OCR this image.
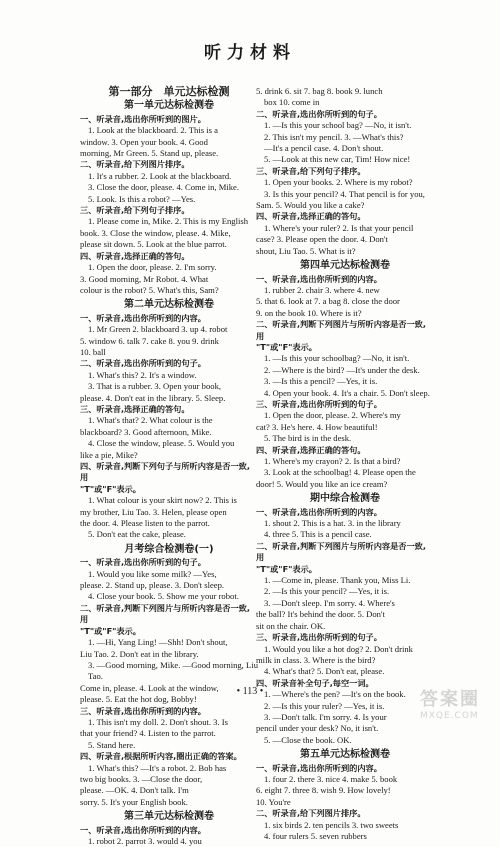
听力材料
第一部分　单元达标检测
第一单元达标检测卷
一、听录音,选出你所听到的图片。
1. Look at the blackboard. 2. This is a
window. 3. Open your book. 4. Good
morning, Mr Green. 5. Stand up, please.
二、听录音,给下列图片排序。
1. It's a rubber. 2. Look at the blackboard.
3. Close the door, please. 4. Come in, Mike.
5. Look. Is this a robot? —Yes.
三、听录音,给下列句子排序。
1. Please come in, Mike. 2. This is my English
book. 3. Close the window, please. 4. Mike,
please sit down. 5. Look at the blue parrot.
四、听录音,选择正确的答句。
1. Open the door, please. 2. I'm sorry.
3. Good morning, Mr Robot. 4. What
colour is the robot? 5. What's this, Sam?
第二单元达标检测卷
一、听录音,选出你所听到的内容。
1. Mr Green 2. blackboard 3. up 4. robot
5. window 6. talk 7. cake 8. you 9. drink
10. ball
二、听录音,选出你所听到的句子。
1. What's this? 2. It's a window.
3. That is a rubber. 3. Open your book,
please. 4. Don't eat in the library. 5. Sleep.
三、听录音,选择正确的答句。
1. What's that? 2. What colour is the
blackboard? 3. Good afternoon, Mike.
4. Close the window, please. 5. Would you
like a pie, Mike?
四、听录音,判断下列句子与所听内容是否一致,用
"T"或"F"表示。
1. What colour is your skirt now? 2. This is
my brother, Liu Tao. 3. Helen, please open
the door. 4. Please listen to the parrot.
5. Don't eat the cake, please.
月考综合检测卷(一)
一、听录音,选出你所听到的句子。
1. Would you like some milk? —Yes,
please. 2. Stand up, please. 3. Don't sleep.
4. Close your book. 5. Show me your robot.
二、听录音,判断下列图片与所听内容是否一致,用
"T"或"F"表示。
1. —Hi, Yang Ling! —Shh! Don't shout,
Liu Tao. 2. Don't eat in the library.
3. —Good morning, Mike. —Good morning, Liu Tao.
Come in, please. 4. Look at the window,
please. 5. Eat the hot dog, Bobby!
三、听录音,选出你所听到的内容。
1. This isn't my doll. 2. Don't shout. 3. Is
that your friend? 4. Listen to the parrot.
5. Stand here.
四、听录音,根据所听内容,圈出正确的答案。
1. What's this? —It's a robot. 2. Bob has
two big books. 3. —Close the door,
please. —OK. 4. Don't talk. I'm
sorry. 5. It's your English book.
第三单元达标检测卷
一、听录音,选出你所听到的内容。
1. robot 2. parrot 3. would 4. you
5. drink 6. sit 7. bag 8. book 9. lunch
box 10. come in
二、听录音,选出你所听到的句子。
1. —Is this your school bag? —No, it isn't.
2. This isn't my pencil. 3. —What's this?
—It's a pencil case. 4. Don't shout.
5. —Look at this new car, Tim! How nice!
三、听录音,给下列句子排序。
1. Open your books. 2. Where is my robot?
3. Is this your pencil? 4. That pencil is for you,
Sam. 5. Would you like a cake?
四、听录音,选择正确的答句。
1. Where's your ruler? 2. Is that your pencil
case? 3. Please open the door. 4. Don't
shout, Liu Tao. 5. What is it?
第四单元达标检测卷
一、听录音,选出你所听到的内容。
1. rubber 2. chair 3. where 4. new
5. that 6. look at 7. a bag 8. close the door
9. on the book 10. Where is it?
二、听录音,判断下列图片与所听内容是否一致,用
"T"或"F"表示。
1. —Is this your schoolbag? —No, it isn't.
2. —Where is the bird? —It's under the desk.
3. —Is this a pencil? —Yes, it is.
4. Open your book. 4. It's a chair. 5. Don't sleep.
三、听录音,选出你所听到的句子。
1. Open the door, please. 2. Where's my
cat? 3. He's here. 4. How beautiful!
5. The bird is in the desk.
四、听录音,选择正确的答句。
1. Where's my crayon? 2. Is that a bird?
3. Look at the schoolbag! 4. Please open the
door! 5. Would you like an ice cream?
期中综合检测卷
一、听录音,选出你所听到的内容。
1. shout 2. This is a hat. 3. in the library
4. three 5. This is a pencil case.
二、听录音,判断下列图片与所听内容是否一致,用
"T"或"F"表示。
1. —Come in, please. Thank you, Miss Li.
2. —Is this your pencil? —Yes, it is.
3. —Don't sleep. I'm sorry. 4. Where's
the ball? It's behind the door. 5. Don't
sit on the chair. OK.
三、听录音,选出你所听到的句子。
1. Would you like a hot dog? 2. Don't drink
milk in class. 3. Where is the bird?
4. What's that? 5. Don't eat, please.
四、听录音补全句子,每空一词。
1. —Where's the pen? —It's on the book.
2. —Is this your ruler? —Yes, it is.
3. —Don't talk. I'm sorry. 4. Is your
pencil under your desk? No, it isn't.
5. —Close the book. OK.
第五单元达标检测卷
一、听录音,选出你所听到的内容。
1. four 2. there 3. nice 4. make 5. book
6. eight 7. three 8. wish 9. How lovely!
10. You're
二、听录音,给下列图片排序。
1. six birds 2. ten pencils 3. two sweets
4. four rulers 5. seven rubbers
• 113 •	答案圈
MXQE.COM
